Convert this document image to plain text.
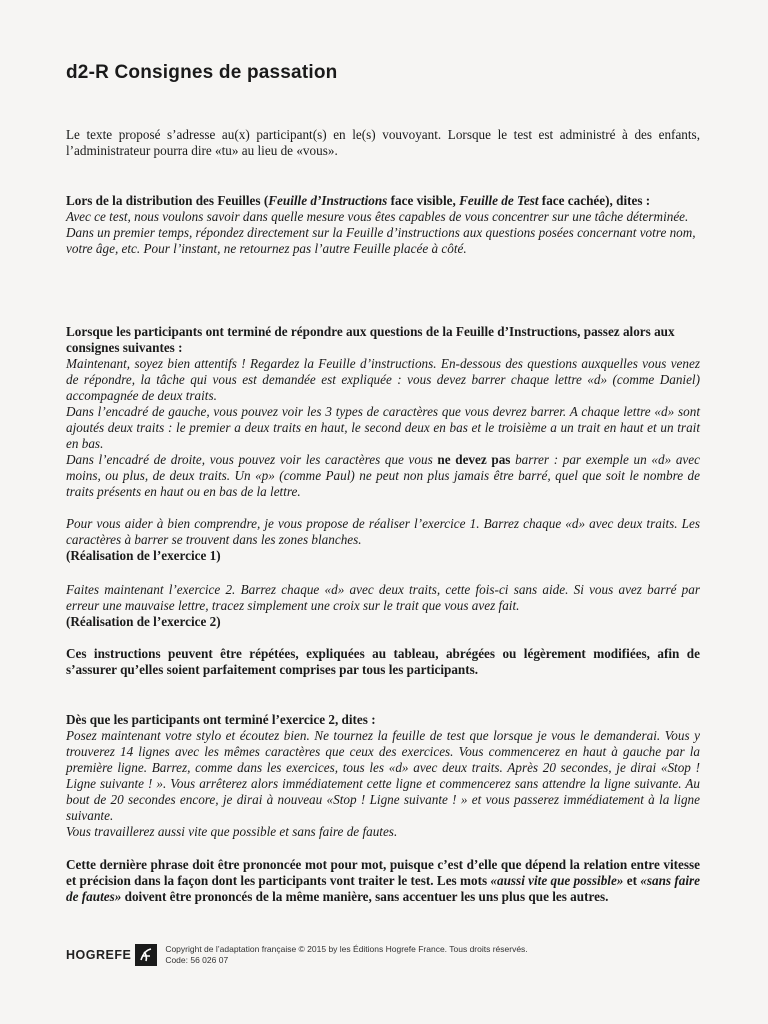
d2-R Consignes de passation

Le texte proposé s’adresse au(x) participant(s) en le(s) vouvoyant. Lorsque le test est administré à des enfants, l’administrateur pourra dire «tu» au lieu de «vous».

Lors de la distribution des Feuilles (Feuille d’Instructions face visible, Feuille de Test face cachée), dites :

Avec ce test, nous voulons savoir dans quelle mesure vous êtes capables de vous concentrer sur une tâche déterminée.

Dans un premier temps, répondez directement sur la Feuille d’instructions aux questions posées concernant votre nom, votre âge, etc. Pour l’instant, ne retournez pas l’autre Feuille placée à côté.

Lorsque les participants ont terminé de répondre aux questions de la Feuille d’Instructions, passez alors aux consignes suivantes :

Maintenant, soyez bien attentifs ! Regardez la Feuille d’instructions. En-dessous des questions auxquelles vous venez de répondre, la tâche qui vous est demandée est expliquée : vous devez barrer chaque lettre «d» (comme Daniel) accompagnée de deux traits.

Dans l’encadré de gauche, vous pouvez voir les 3 types de caractères que vous devrez barrer. A chaque lettre «d» sont ajoutés deux traits : le premier a deux traits en haut, le second deux en bas et le troisième a un trait en haut et un trait en bas.

Dans l’encadré de droite, vous pouvez voir les caractères que vous ne devez pas barrer : par exemple un «d» avec moins, ou plus, de deux traits. Un «p» (comme Paul) ne peut non plus jamais être barré, quel que soit le nombre de traits présents en haut ou en bas de la lettre.

Pour vous aider à bien comprendre, je vous propose de réaliser l’exercice 1. Barrez chaque «d» avec deux traits. Les caractères à barrer se trouvent dans les zones blanches.

(Réalisation de l’exercice 1)

Faites maintenant l’exercice 2. Barrez chaque «d» avec deux traits, cette fois-ci sans aide. Si vous avez barré par erreur une mauvaise lettre, tracez simplement une croix sur le trait que vous avez fait.

(Réalisation de l’exercice 2)

Ces instructions peuvent être répétées, expliquées au tableau, abrégées ou légèrement modifiées, afin de s’assurer qu’elles soient parfaitement comprises par tous les participants.

Dès que les participants ont terminé l’exercice 2, dites :

Posez maintenant votre stylo et écoutez bien. Ne tournez la feuille de test que lorsque je vous le demanderai. Vous y trouverez 14 lignes avec les mêmes caractères que ceux des exercices. Vous commencerez en haut à gauche par la première ligne. Barrez, comme dans les exercices, tous les «d» avec deux traits. Après 20 secondes, je dirai «Stop ! Ligne suivante ! ». Vous arrêterez alors immédiatement cette ligne et commencerez sans attendre la ligne suivante. Au bout de 20 secondes encore, je dirai à nouveau «Stop ! Ligne suivante ! » et vous passerez immédiatement à la ligne suivante.

Vous travaillerez aussi vite que possible et sans faire de fautes.

Cette dernière phrase doit être prononcée mot pour mot, puisque c’est d’elle que dépend la relation entre vitesse et précision dans la façon dont les participants vont traiter le test. Les mots «aussi vite que possible» et «sans faire de fautes» doivent être prononcés de la même manière, sans accentuer les uns plus que les autres.

HOGREFE	Copyright de l’adaptation française © 2015 by les Éditions Hogrefe France. Tous droits réservés.
Code: 56 026 07
